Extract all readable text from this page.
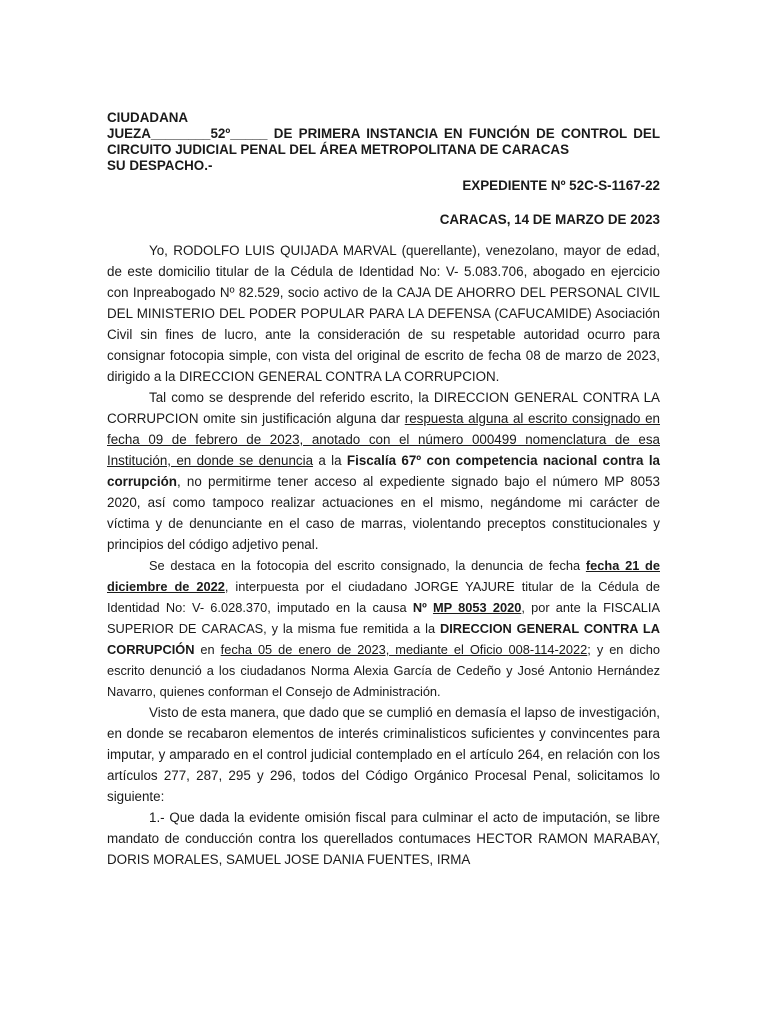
CIUDADANA

JUEZA________52º_____ DE PRIMERA INSTANCIA EN FUNCIÓN DE CONTROL DEL CIRCUITO JUDICIAL PENAL DEL ÁREA METROPOLITANA DE CARACAS

SU DESPACHO.-

EXPEDIENTE Nº 52C-S-1167-22

CARACAS, 14 DE MARZO DE 2023

Yo, RODOLFO LUIS QUIJADA MARVAL (querellante), venezolano, mayor de edad, de este domicilio titular de la Cédula de Identidad No: V- 5.083.706, abogado en ejercicio con Inpreabogado Nº 82.529, socio activo de la CAJA DE AHORRO DEL PERSONAL CIVIL DEL MINISTERIO DEL PODER POPULAR PARA LA DEFENSA (CAFUCAMIDE) Asociación Civil sin fines de lucro, ante la consideración de su respetable autoridad ocurro para consignar fotocopia simple, con vista del original de escrito de fecha 08 de marzo de 2023, dirigido a la DIRECCION GENERAL CONTRA LA CORRUPCION.

Tal como se desprende del referido escrito, la DIRECCION GENERAL CONTRA LA CORRUPCION omite sin justificación alguna dar respuesta alguna al escrito consignado en fecha 09 de febrero de 2023, anotado con el número 000499 nomenclatura de esa Institución, en donde se denuncia a la Fiscalía 67º con competencia nacional contra la corrupción, no permitirme tener acceso al expediente signado bajo el número MP 8053 2020, así como tampoco realizar actuaciones en el mismo, negándome mi carácter de víctima y de denunciante en el caso de marras, violentando preceptos constitucionales y principios del código adjetivo penal.

Se destaca en la fotocopia del escrito consignado, la denuncia de fecha fecha 21 de diciembre de 2022, interpuesta por el ciudadano JORGE YAJURE titular de la Cédula de Identidad No: V- 6.028.370, imputado en la causa Nº MP 8053 2020, por ante la FISCALIA SUPERIOR DE CARACAS, y la misma fue remitida a la DIRECCION GENERAL CONTRA LA CORRUPCIÓN en fecha 05 de enero de 2023, mediante el Oficio 008-114-2022; y en dicho escrito denunció a los ciudadanos Norma Alexia García de Cedeño y José Antonio Hernández Navarro, quienes conforman el Consejo de Administración.

Visto de esta manera, que dado que se cumplió en demasía el lapso de investigación, en donde se recabaron elementos de interés criminalisticos suficientes y convincentes para imputar, y amparado en el control judicial contemplado en el artículo 264, en relación con los artículos 277, 287, 295 y 296, todos del Código Orgánico Procesal Penal, solicitamos lo siguiente:

1.- Que dada la evidente omisión fiscal para culminar el acto de imputación, se libre mandato de conducción contra los querellados contumaces HECTOR RAMON MARABAY, DORIS MORALES, SAMUEL JOSE DANIA FUENTES, IRMA
